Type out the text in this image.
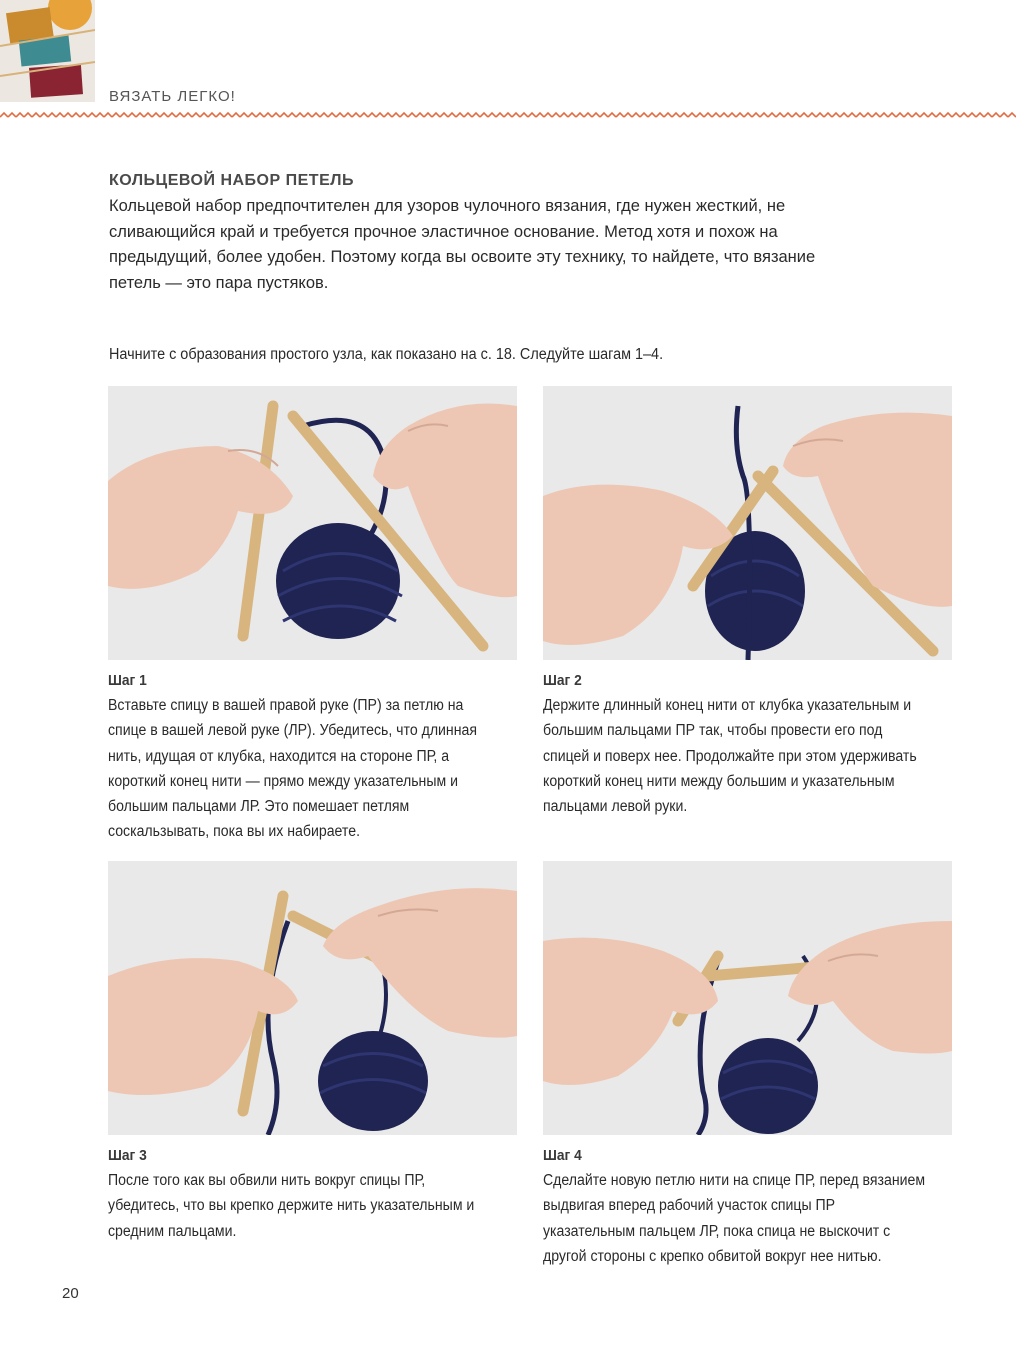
ВЯЗАТЬ ЛЕГКО!
КОЛЬЦЕВОЙ НАБОР ПЕТЕЛЬ

Кольцевой набор предпочтителен для узоров чулочного вязания, где нужен жесткий, не сливающийся край и требуется прочное эластичное основание. Метод хотя и похож на предыдущий, более удобен. Поэтому когда вы освоите эту технику, то найдете, что вязание петель — это пара пустяков.

Начните с образования простого узла, как показано на с. 18. Следуйте шагам 1–4.
Шаг 1

Вставьте спицу в вашей правой руке (ПР) за петлю на спице в вашей левой руке (ЛР). Убедитесь, что длинная нить, идущая от клубка, находится на стороне ПР, а короткий конец нити — прямо между указательным и большим пальцами ЛР. Это помешает петлям соскальзывать, пока вы их набираете.

Шаг 2

Держите длинный конец нити от клубка указательным и большим пальцами ПР так, чтобы провести его под спицей и поверх нее. Продолжайте при этом удерживать короткий конец нити между большим и указательным пальцами левой руки.

Шаг 3

После того как вы обвили нить вокруг спицы ПР, убедитесь, что вы крепко держите нить указательным и средним пальцами.

Шаг 4

Сделайте новую петлю нити на спице ПР, перед вязанием выдвигая вперед рабочий участок спицы ПР указательным пальцем ЛР, пока спица не выскочит с другой стороны с крепко обвитой вокруг нее нитью.

20
